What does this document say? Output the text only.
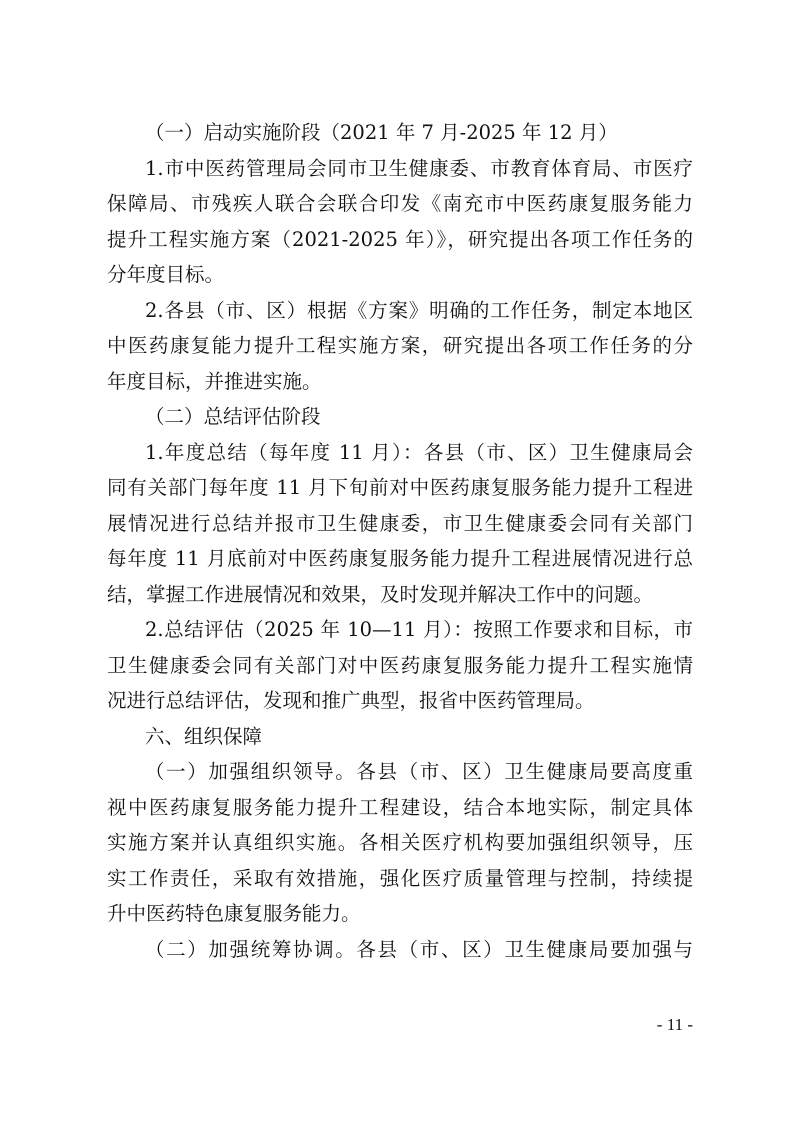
（一）启动实施阶段（2021 年 7 月-2025 年 12 月）
1.市中医药管理局会同市卫生健康委、市教育体育局、市医疗
保障局、市残疾人联合会联合印发《南充市中医药康复服务能力
提升工程实施方案（2021-2025 年）》，研究提出各项工作任务的
分年度目标。
2.各县（市、区）根据《方案》明确的工作任务，制定本地区
中医药康复能力提升工程实施方案，研究提出各项工作任务的分
年度目标，并推进实施。
（二）总结评估阶段
1.年度总结（每年度 11 月）：各县（市、区）卫生健康局会
同有关部门每年度 11 月下旬前对中医药康复服务能力提升工程进
展情况进行总结并报市卫生健康委，市卫生健康委会同有关部门
每年度 11 月底前对中医药康复服务能力提升工程进展情况进行总
结，掌握工作进展情况和效果，及时发现并解决工作中的问题。
2.总结评估（2025 年 10—11 月）：按照工作要求和目标，市
卫生健康委会同有关部门对中医药康复服务能力提升工程实施情
况进行总结评估，发现和推广典型，报省中医药管理局。
六、组织保障
（一）加强组织领导。各县（市、区）卫生健康局要高度重
视中医药康复服务能力提升工程建设，结合本地实际，制定具体
实施方案并认真组织实施。各相关医疗机构要加强组织领导，压
实工作责任，采取有效措施，强化医疗质量管理与控制，持续提
升中医药特色康复服务能力。
（二）加强统筹协调。各县（市、区）卫生健康局要加强与
- 11 -
